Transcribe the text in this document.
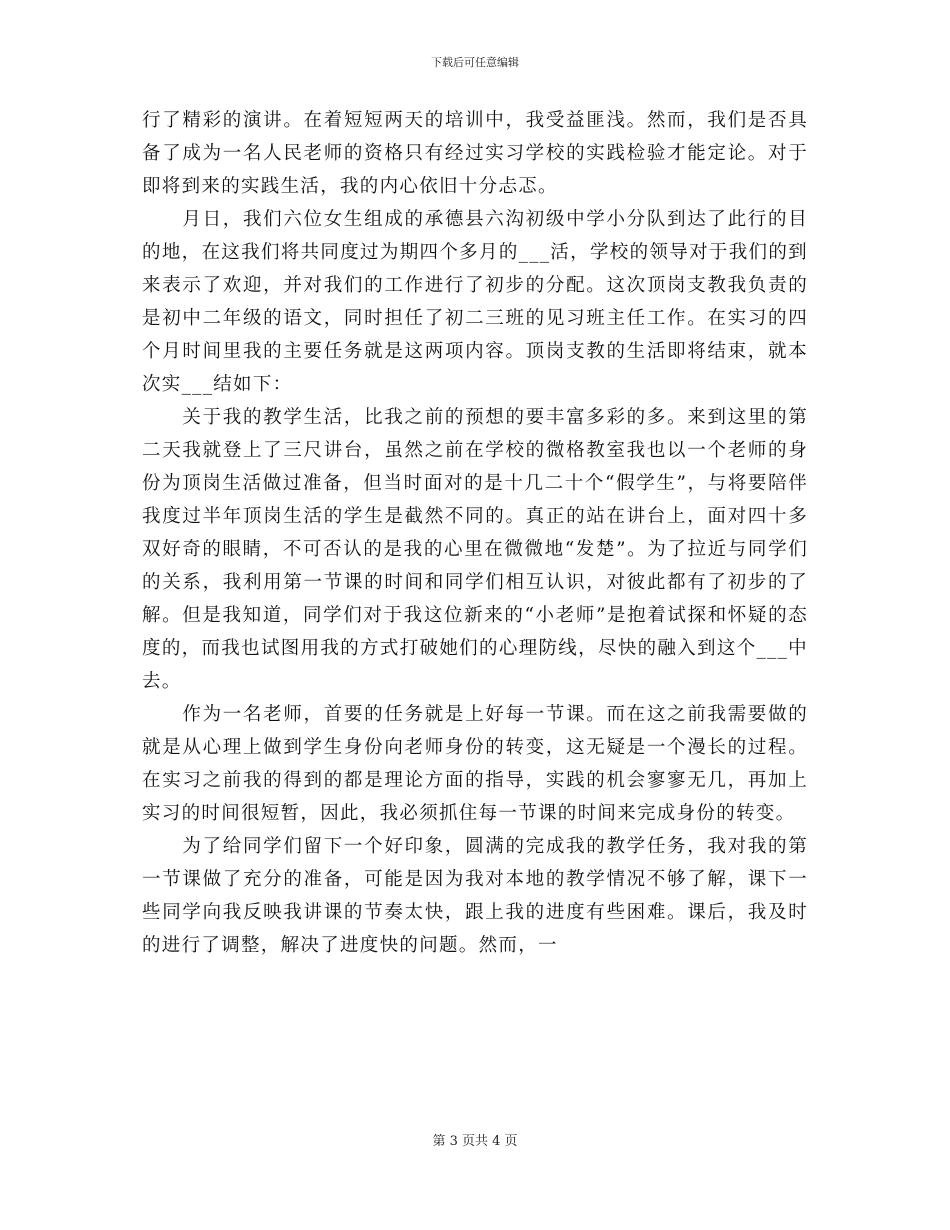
下载后可任意编辑

行了精彩的演讲。在着短短两天的培训中，我受益匪浅。然而，我们是否具备了成为一名人民老师的资格只有经过实习学校的实践检验才能定论。对于即将到来的实践生活，我的内心依旧十分忐忑。

　　月日，我们六位女生组成的承德县六沟初级中学小分队到达了此行的目的地，在这我们将共同度过为期四个多月的___活，学校的领导对于我们的到来表示了欢迎，并对我们的工作进行了初步的分配。这次顶岗支教我负责的是初中二年级的语文，同时担任了初二三班的见习班主任工作。在实习的四个月时间里我的主要任务就是这两项内容。顶岗支教的生活即将结束，就本次实___结如下：

　　关于我的教学生活，比我之前的预想的要丰富多彩的多。来到这里的第二天我就登上了三尺讲台，虽然之前在学校的微格教室我也以一个老师的身份为顶岗生活做过准备，但当时面对的是十几二十个“假学生”，与将要陪伴我度过半年顶岗生活的学生是截然不同的。真正的站在讲台上，面对四十多双好奇的眼睛，不可否认的是我的心里在微微地“发楚”。为了拉近与同学们的关系，我利用第一节课的时间和同学们相互认识，对彼此都有了初步的了解。但是我知道，同学们对于我这位新来的“小老师”是抱着试探和怀疑的态度的，而我也试图用我的方式打破她们的心理防线，尽快的融入到这个___中去。

　　作为一名老师，首要的任务就是上好每一节课。而在这之前我需要做的就是从心理上做到学生身份向老师身份的转变，这无疑是一个漫长的过程。在实习之前我的得到的都是理论方面的指导，实践的机会寥寥无几，再加上实习的时间很短暂，因此，我必须抓住每一节课的时间来完成身份的转变。

　　为了给同学们留下一个好印象，圆满的完成我的教学任务，我对我的第一节课做了充分的准备，可能是因为我对本地的教学情况不够了解，课下一些同学向我反映我讲课的节奏太快，跟上我的进度有些困难。课后，我及时的进行了调整，解决了进度快的问题。然而，一

第 3 页共 4 页
